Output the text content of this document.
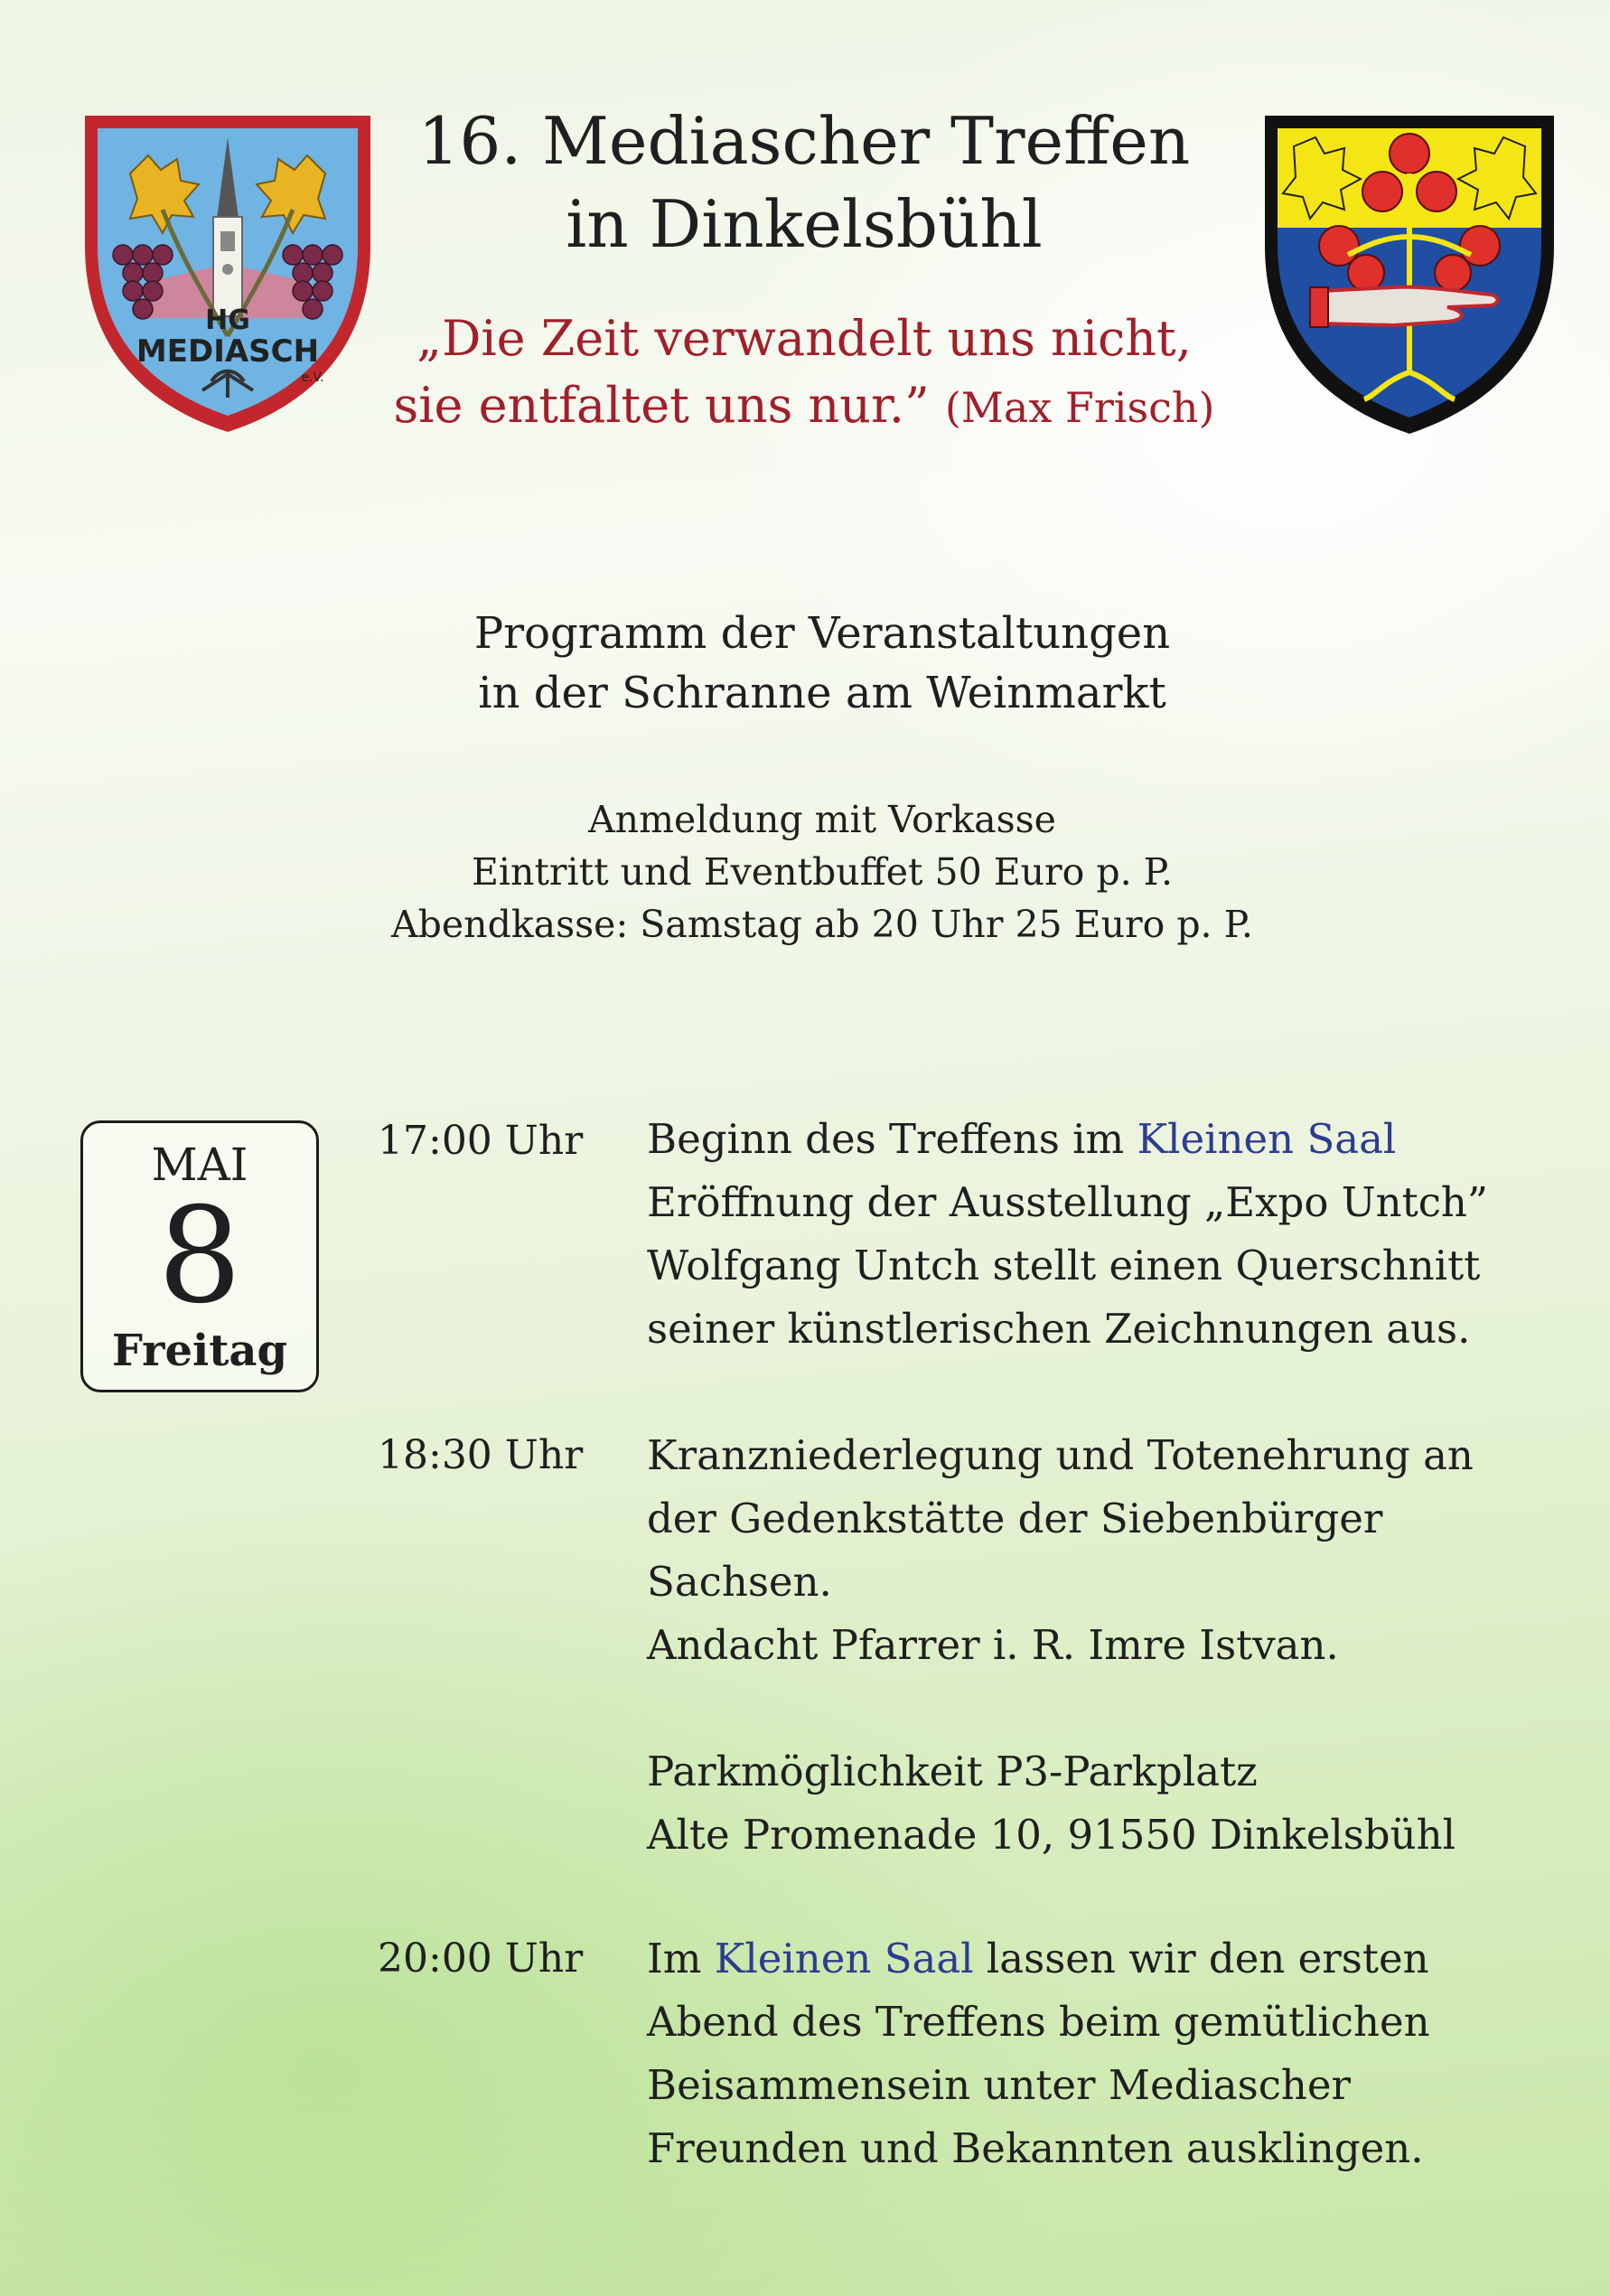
HG
MEDIASCH
e.V.
16. Mediascher Treffen
in Dinkelsbühl
„Die Zeit verwandelt uns nicht,
sie entfaltet uns nur.” (Max Frisch)
Programm der Veranstaltungen
in der Schranne am Weinmarkt
Anmeldung mit Vorkasse
Eintritt und Eventbuffet 50 Euro p. P.
Abendkasse: Samstag ab 20 Uhr 25 Euro p. P.
MAI
8
Freitag
17:00 Uhr	Beginn des Treffens im Kleinen Saal
Eröffnung der Ausstellung „Expo Untch”
Wolfgang Untch stellt einen Querschnitt
seiner künstlerischen Zeichnungen aus.
18:30 Uhr	Kranzniederlegung und Totenehrung an
der Gedenkstätte der Siebenbürger
Sachsen.
Andacht Pfarrer i. R. Imre Istvan.
Parkmöglichkeit P3-Parkplatz
Alte Promenade 10, 91550 Dinkelsbühl
20:00 Uhr	Im Kleinen Saal lassen wir den ersten
Abend des Treffens beim gemütlichen
Beisammensein unter Mediascher
Freunden und Bekannten ausklingen.
